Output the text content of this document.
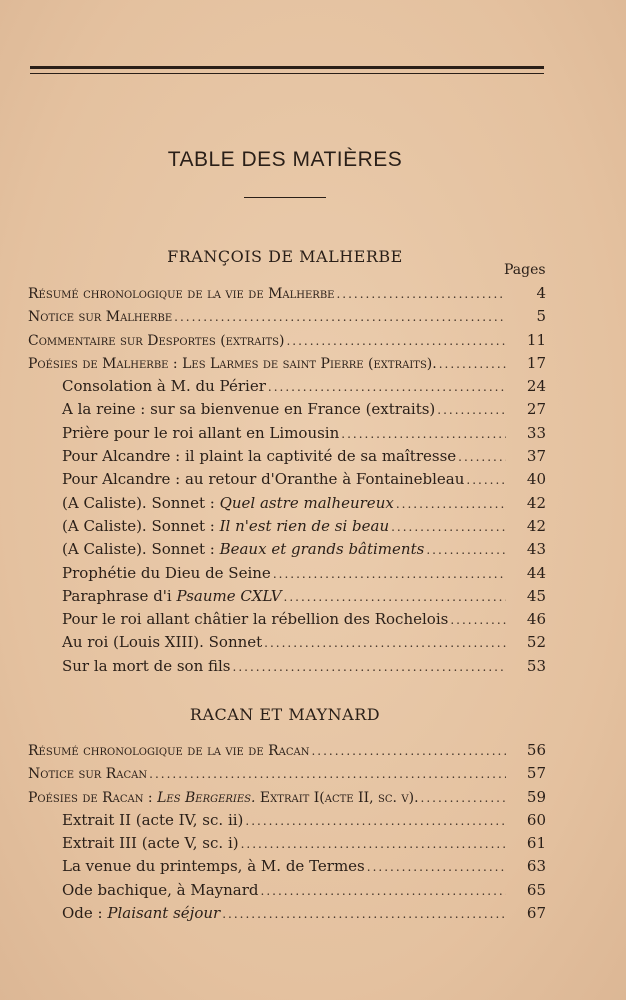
TABLE DES MATIÈRES
FRANÇOIS DE MALHERBE
Pages
Résumé chronologique de la vie de Malherbe .....	4
Notice sur Malherbe .....	5
Commentaire sur Desportes (extraits) .....	11
Poésies de Malherbe : Les Larmes de saint Pierre (extraits). .....	17
Consolation à M. du Périer .....	24
A la reine : sur sa bienvenue en France (extraits) .....	27
Prière pour le roi allant en Limousin .....	33
Pour Alcandre : il plaint la captivité de sa maîtresse .....	37
Pour Alcandre : au retour d'Oranthe à Fontainebleau .....	40
(A Caliste). Sonnet : Quel astre malheureux .....	42
(A Caliste). Sonnet : Il n'est rien de si beau .....	42
(A Caliste). Sonnet : Beaux et grands bâtiments .....	43
Prophétie du Dieu de Seine .....	44
Paraphrase d'i Psaume CXLV .....	45
Pour le roi allant châtier la rébellion des Rochelois .....	46
Au roi (Louis XIII). Sonnet .....	52
Sur la mort de son fils .....	53
RACAN ET MAYNARD
Résumé chronologique de la vie de Racan .....	56
Notice sur Racan .....	57
Poésies de Racan : Les Bergeries. Extrait I(acte II, sc. v). .....	59
Extrait II (acte IV, sc. ii) .....	60
Extrait III (acte V, sc. i) .....	61
La venue du printemps, à M. de Termes .....	63
Ode bachique, à Maynard .....	65
Ode : Plaisant séjour .....	67
